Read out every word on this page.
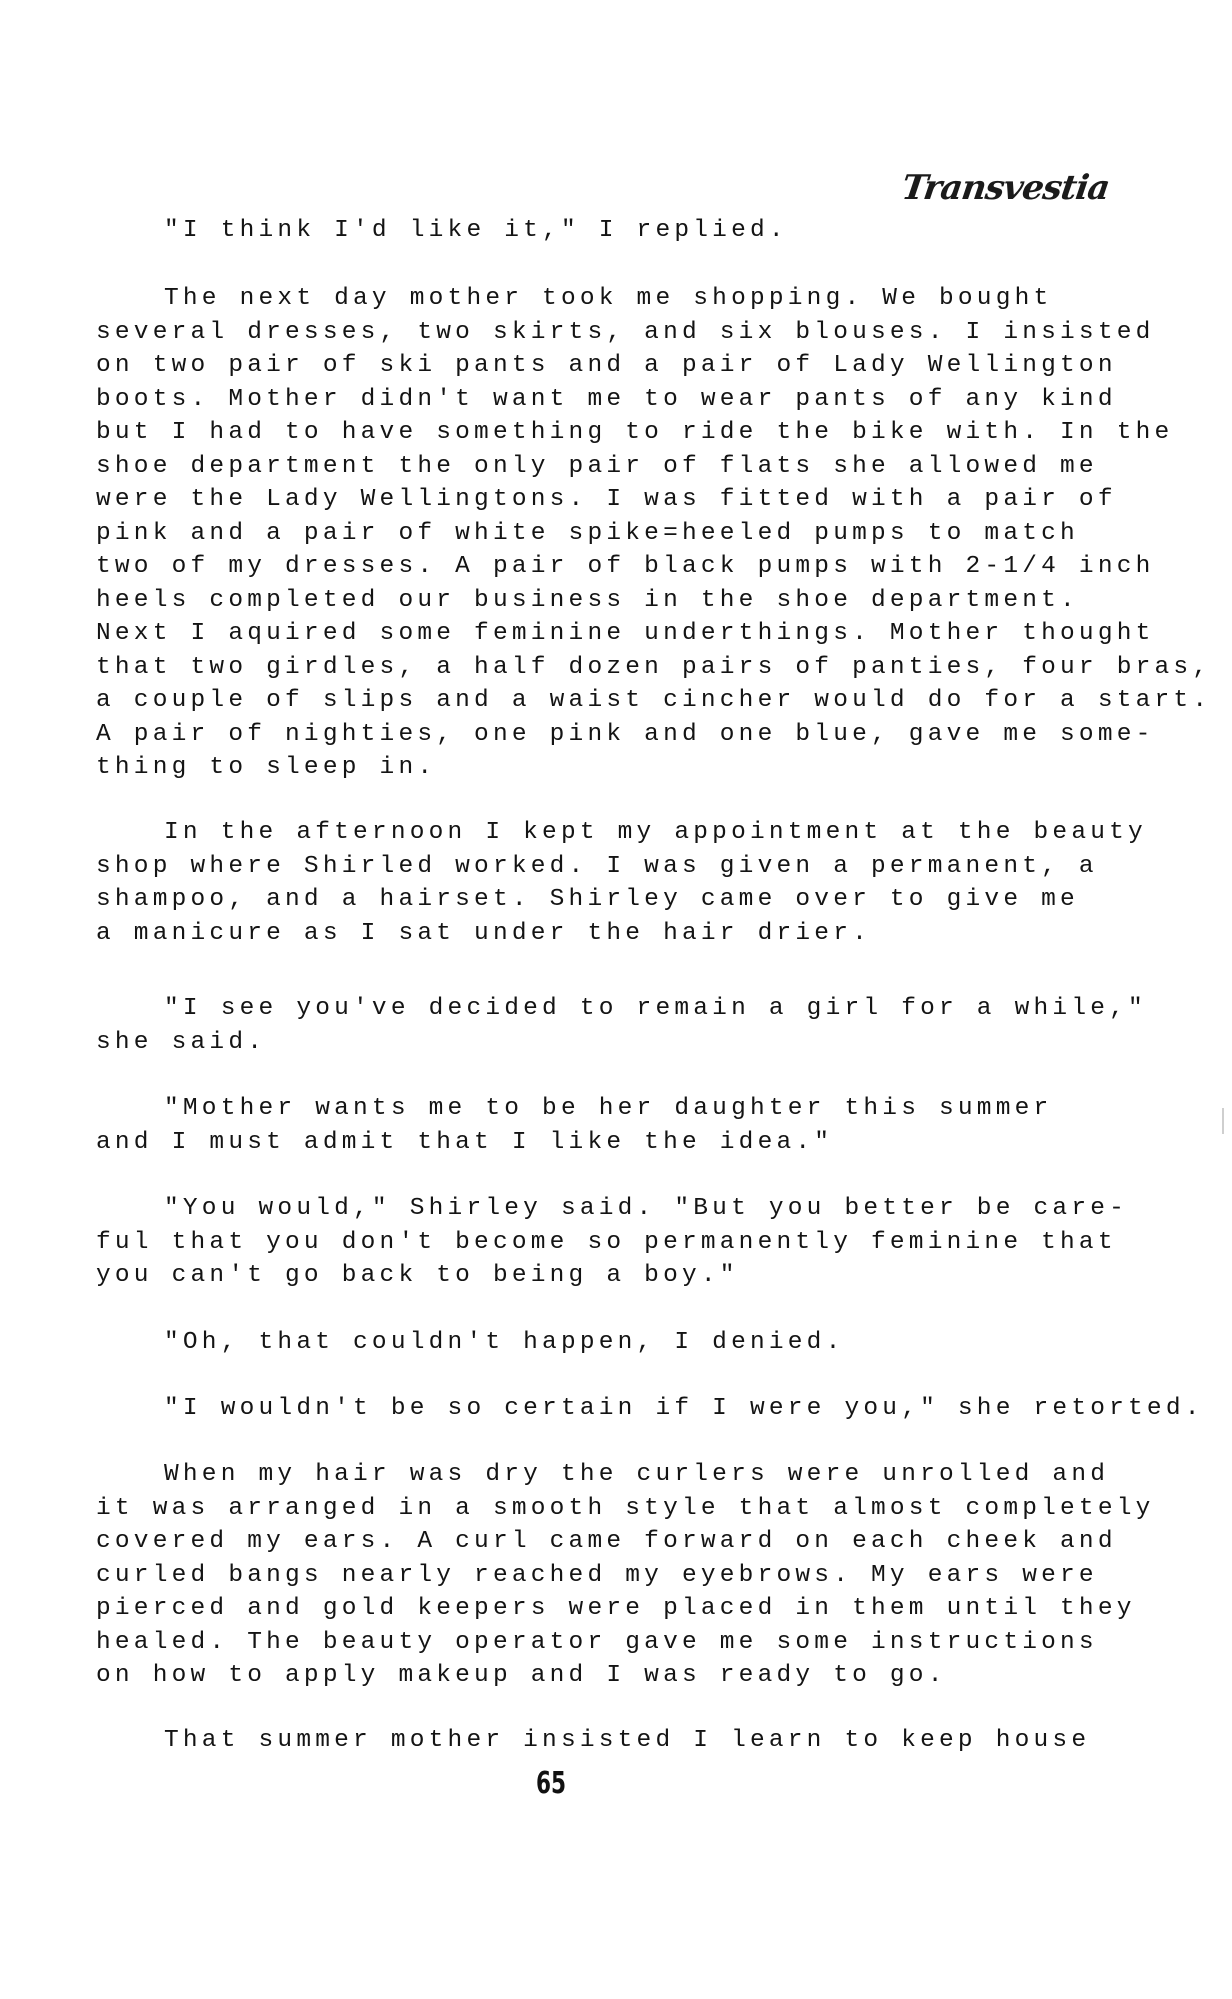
Transvestia
"I think I'd like it," I replied.
The next day mother took me shopping. We bought
several dresses, two skirts, and six blouses. I insisted
on two pair of ski pants and a pair of Lady Wellington
boots. Mother didn't want me to wear pants of any kind
but I had to have something to ride the bike with. In the
shoe department the only pair of flats she allowed me
were the Lady Wellingtons. I was fitted with a pair of
pink and a pair of white spike=heeled pumps to match
two of my dresses. A pair of black pumps with 2-1/4 inch
heels completed our business in the shoe department.
Next I aquired some feminine underthings. Mother thought
that two girdles, a half dozen pairs of panties, four bras,
a couple of slips and a waist cincher would do for a start.
A pair of nighties, one pink and one blue, gave me some-
thing to sleep in.
In the afternoon I kept my appointment at the beauty
shop where Shirled worked. I was given a permanent, a
shampoo, and a hairset. Shirley came over to give me
a manicure as I sat under the hair drier.
"I see you've decided to remain a girl for a while,"
she said.
"Mother wants me to be her daughter this summer
and I must admit that I like the idea."
"You would," Shirley said. "But you better be care-
ful that you don't become so permanently feminine that
you can't go back to being a boy."
"Oh, that couldn't happen, I denied.
"I wouldn't be so certain if I were you," she retorted.
When my hair was dry the curlers were unrolled and
it was arranged in a smooth style that almost completely
covered my ears. A curl came forward on each cheek and
curled bangs nearly reached my eyebrows. My ears were
pierced and gold keepers were placed in them until they
healed. The beauty operator gave me some instructions
on how to apply makeup and I was ready to go.
That summer mother insisted I learn to keep house
65
